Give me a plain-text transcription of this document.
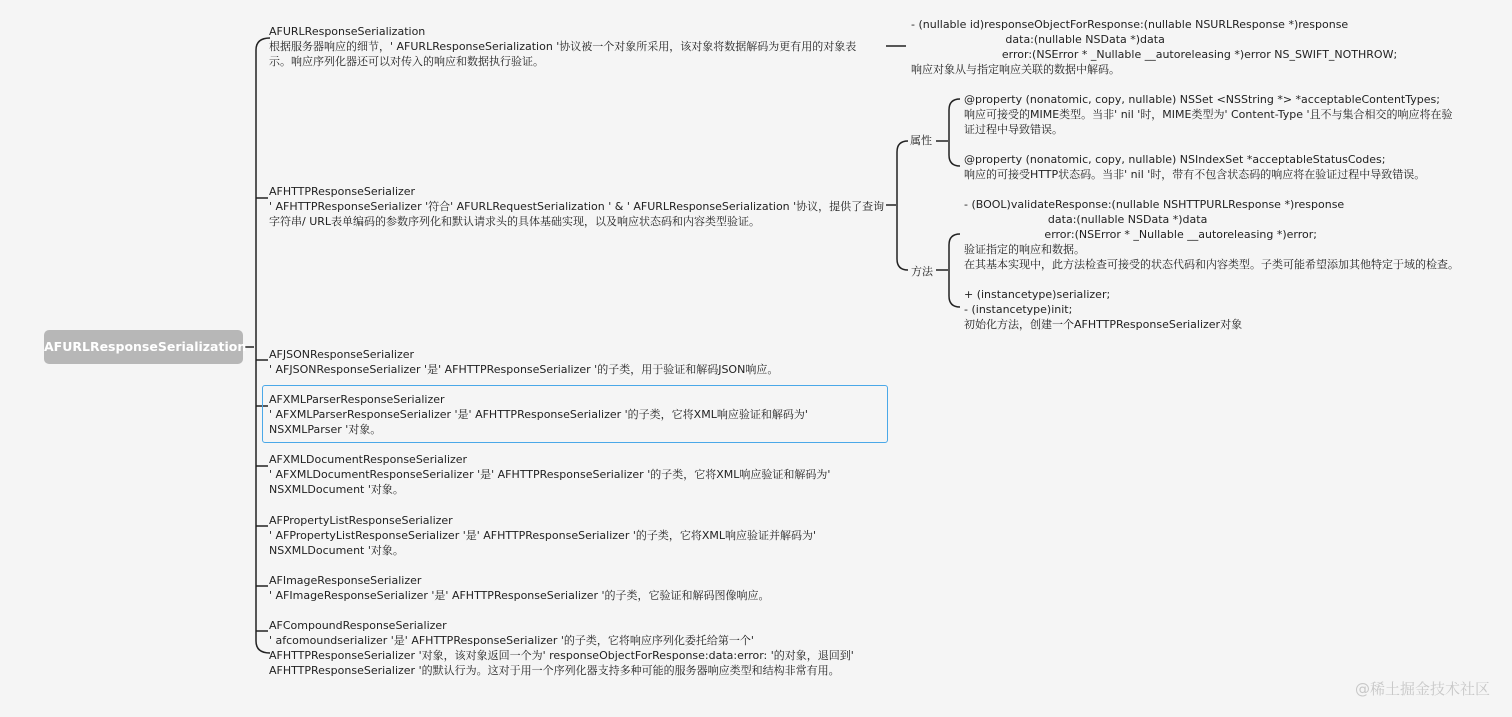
AFURLResponseSerialization
AFURLResponseSerialization
根据服务器响应的细节，' AFURLResponseSerialization '协议被一个对象所采用，该对象将数据解码为更有用的对象表
示。响应序列化器还可以对传入的响应和数据执行验证。
AFHTTPResponseSerializer
' AFHTTPResponseSerializer '符合' AFURLRequestSerialization ' & ' AFURLResponseSerialization '协议，提供了查询
字符串/ URL表单编码的参数序列化和默认请求头的具体基础实现，以及响应状态码和内容类型验证。
AFJSONResponseSerializer
' AFJSONResponseSerializer '是' AFHTTPResponseSerializer '的子类，用于验证和解码JSON响应。
AFXMLParserResponseSerializer
' AFXMLParserResponseSerializer '是' AFHTTPResponseSerializer '的子类，它将XML响应验证和解码为'
NSXMLParser '对象。
AFXMLDocumentResponseSerializer
' AFXMLDocumentResponseSerializer '是' AFHTTPResponseSerializer '的子类，它将XML响应验证和解码为'
NSXMLDocument '对象。
AFPropertyListResponseSerializer
' AFPropertyListResponseSerializer '是' AFHTTPResponseSerializer '的子类，它将XML响应验证并解码为'
NSXMLDocument '对象。
AFImageResponseSerializer
' AFImageResponseSerializer '是' AFHTTPResponseSerializer '的子类，它验证和解码图像响应。
AFCompoundResponseSerializer
' afcomoundserializer '是' AFHTTPResponseSerializer '的子类，它将响应序列化委托给第一个'
AFHTTPResponseSerializer '对象，该对象返回一个为' responseObjectForResponse:data:error: '的对象，退回到'
AFHTTPResponseSerializer '的默认行为。这对于用一个序列化器支持多种可能的服务器响应类型和结构非常有用。
- (nullable id)responseObjectForResponse:(nullable NSURLResponse *)response
data:(nullable NSData *)data
error:(NSError * _Nullable __autoreleasing *)error NS_SWIFT_NOTHROW;
响应对象从与指定响应关联的数据中解码。
属性
方法
@property (nonatomic, copy, nullable) NSSet <NSString *> *acceptableContentTypes;
响应可接受的MIME类型。当非' nil '时，MIME类型为' Content-Type '且不与集合相交的响应将在验
证过程中导致错误。
@property (nonatomic, copy, nullable) NSIndexSet *acceptableStatusCodes;
响应的可接受HTTP状态码。当非' nil '时，带有不包含状态码的响应将在验证过程中导致错误。
- (BOOL)validateResponse:(nullable NSHTTPURLResponse *)response
data:(nullable NSData *)data
error:(NSError * _Nullable __autoreleasing *)error;
验证指定的响应和数据。
在其基本实现中，此方法检查可接受的状态代码和内容类型。子类可能希望添加其他特定于域的检查。
+ (instancetype)serializer;
- (instancetype)init;
初始化方法，创建一个AFHTTPResponseSerializer对象
@稀土掘金技术社区
